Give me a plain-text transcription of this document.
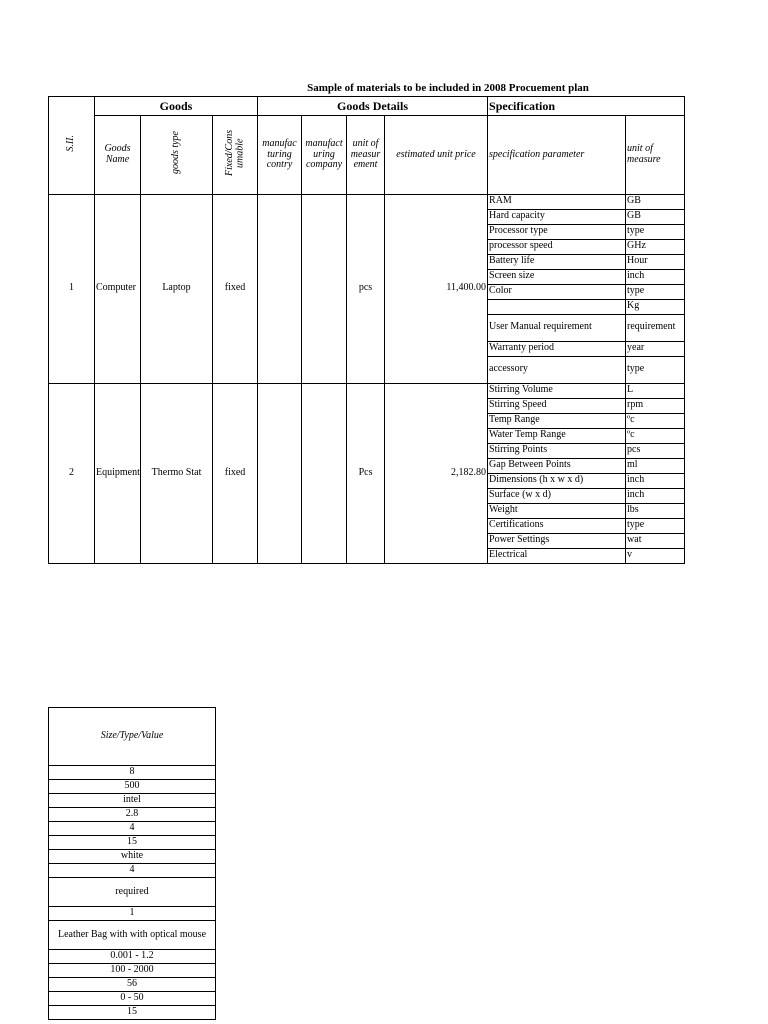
Sample of materials to be included in 2008 Procuement plan
S.II.	Goods			Goods Details				Specification	
	Goods Name	goods type	Fixed/Cons umable	manufac turing contry	manufact uring company	unit of measur ement	estimated unit price	specification parameter	unit of measure
1	Computer	Laptop	fixed			pcs	11,400.00	RAM	GB
								Hard capacity	GB
								Processor type	type
								processor speed	GHz
								Battery life	Hour
								Screen size	inch
								Color	type
									Kg
								User Manual requirement	requirement
								Warranty period	year
								accessory	type
2	Equipment	Thermo Stat	fixed			Pcs	2,182.80	Stirring Volume	L
								Stirring Speed	rpm
								Temp Range	ºc
								Water Temp Range	ºc
								Stirring Points	pcs
								Gap Between Points	ml
								Dimensions (h x w x d)	inch
								Surface (w x d)	inch
								Weight	lbs
								Certifications	type
								Power Settings	wat
								Electrical	v

Size/Type/Value
8
500
intel
2.8
4
15
white
4
required
1
Leather Bag with with optical mouse
0.001 - 1.2
100 - 2000
56
0 - 50
15
